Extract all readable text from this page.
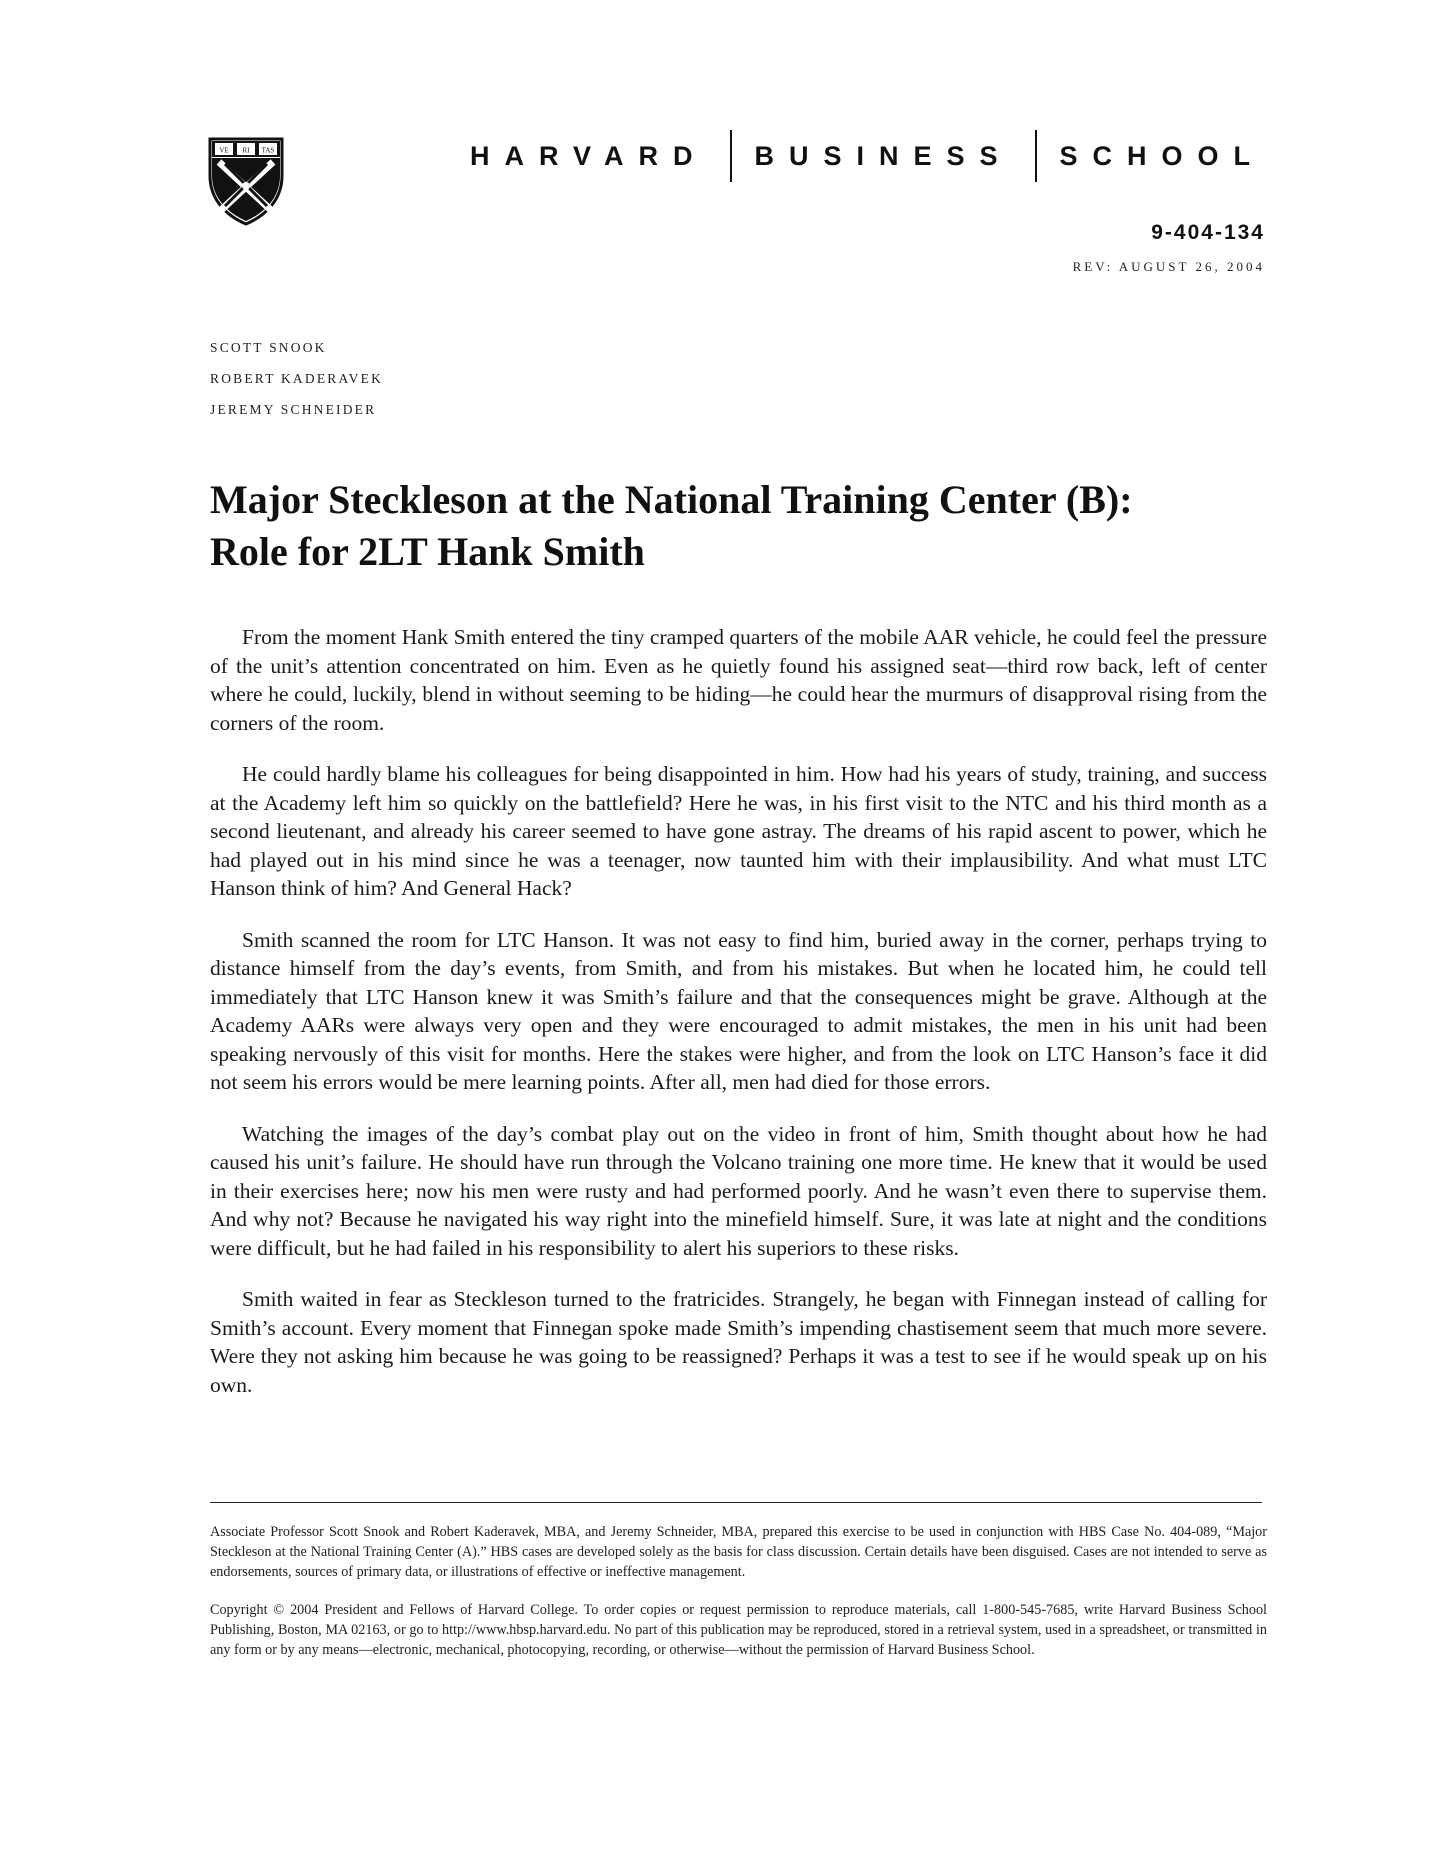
VE RI TAS	HARVARD BUSINESS SCHOOL
9-404-134
REV: AUGUST 26, 2004
SCOTT SNOOK
ROBERT KADERAVEK
JEREMY SCHNEIDER
Major Steckleson at the National Training Center (B):
Role for 2LT Hank Smith

From the moment Hank Smith entered the tiny cramped quarters of the mobile AAR vehicle, he could feel the pressure of the unit’s attention concentrated on him. Even as he quietly found his assigned seat—third row back, left of center where he could, luckily, blend in without seeming to be hiding—he could hear the murmurs of disapproval rising from the corners of the room.

He could hardly blame his colleagues for being disappointed in him. How had his years of study, training, and success at the Academy left him so quickly on the battlefield? Here he was, in his first visit to the NTC and his third month as a second lieutenant, and already his career seemed to have gone astray. The dreams of his rapid ascent to power, which he had played out in his mind since he was a teenager, now taunted him with their implausibility. And what must LTC Hanson think of him? And General Hack?

Smith scanned the room for LTC Hanson. It was not easy to find him, buried away in the corner, perhaps trying to distance himself from the day’s events, from Smith, and from his mistakes. But when he located him, he could tell immediately that LTC Hanson knew it was Smith’s failure and that the consequences might be grave. Although at the Academy AARs were always very open and they were encouraged to admit mistakes, the men in his unit had been speaking nervously of this visit for months. Here the stakes were higher, and from the look on LTC Hanson’s face it did not seem his errors would be mere learning points. After all, men had died for those errors.

Watching the images of the day’s combat play out on the video in front of him, Smith thought about how he had caused his unit’s failure. He should have run through the Volcano training one more time. He knew that it would be used in their exercises here; now his men were rusty and had performed poorly. And he wasn’t even there to supervise them. And why not? Because he navigated his way right into the minefield himself. Sure, it was late at night and the conditions were difficult, but he had failed in his responsibility to alert his superiors to these risks.

Smith waited in fear as Steckleson turned to the fratricides. Strangely, he began with Finnegan instead of calling for Smith’s account. Every moment that Finnegan spoke made Smith’s impending chastisement seem that much more severe. Were they not asking him because he was going to be reassigned? Perhaps it was a test to see if he would speak up on his own.

Associate Professor Scott Snook and Robert Kaderavek, MBA, and Jeremy Schneider, MBA, prepared this exercise to be used in conjunction with HBS Case No. 404-089, “Major Steckleson at the National Training Center (A).” HBS cases are developed solely as the basis for class discussion. Certain details have been disguised. Cases are not intended to serve as endorsements, sources of primary data, or illustrations of effective or ineffective management.

Copyright © 2004 President and Fellows of Harvard College. To order copies or request permission to reproduce materials, call 1-800-545-7685, write Harvard Business School Publishing, Boston, MA 02163, or go to http://www.hbsp.harvard.edu. No part of this publication may be reproduced, stored in a retrieval system, used in a spreadsheet, or transmitted in any form or by any means—electronic, mechanical, photocopying, recording, or otherwise—without the permission of Harvard Business School.
